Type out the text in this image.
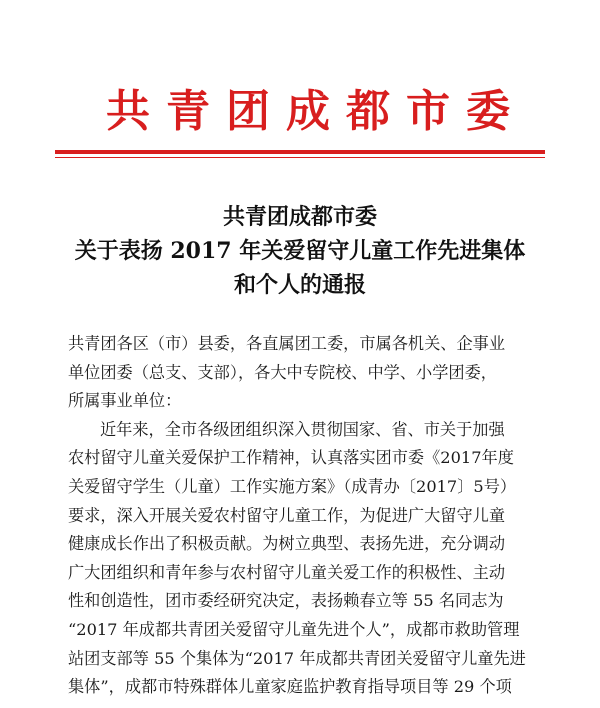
共青团成都市委
共青团成都市委
关于表扬 2017 年关爱留守儿童工作先进集体
和个人的通报
共青团各区（市）县委，各直属团工委，市属各机关、企事业
单位团委（总支、支部），各大中专院校、中学、小学团委，
所属事业单位：
近年来，全市各级团组织深入贯彻国家、省、市关于加强
农村留守儿童关爱保护工作精神，认真落实团市委《2017年度
关爱留守学生（儿童）工作实施方案》（成青办〔2017〕5号）
要求，深入开展关爱农村留守儿童工作，为促进广大留守儿童
健康成长作出了积极贡献。为树立典型、表扬先进，充分调动
广大团组织和青年参与农村留守儿童关爱工作的积极性、主动
性和创造性，团市委经研究决定，表扬赖春立等 55 名同志为
“2017 年成都共青团关爱留守儿童先进个人”，成都市救助管理
站团支部等 55 个集体为“2017 年成都共青团关爱留守儿童先进
集体”，成都市特殊群体儿童家庭监护教育指导项目等 29 个项
